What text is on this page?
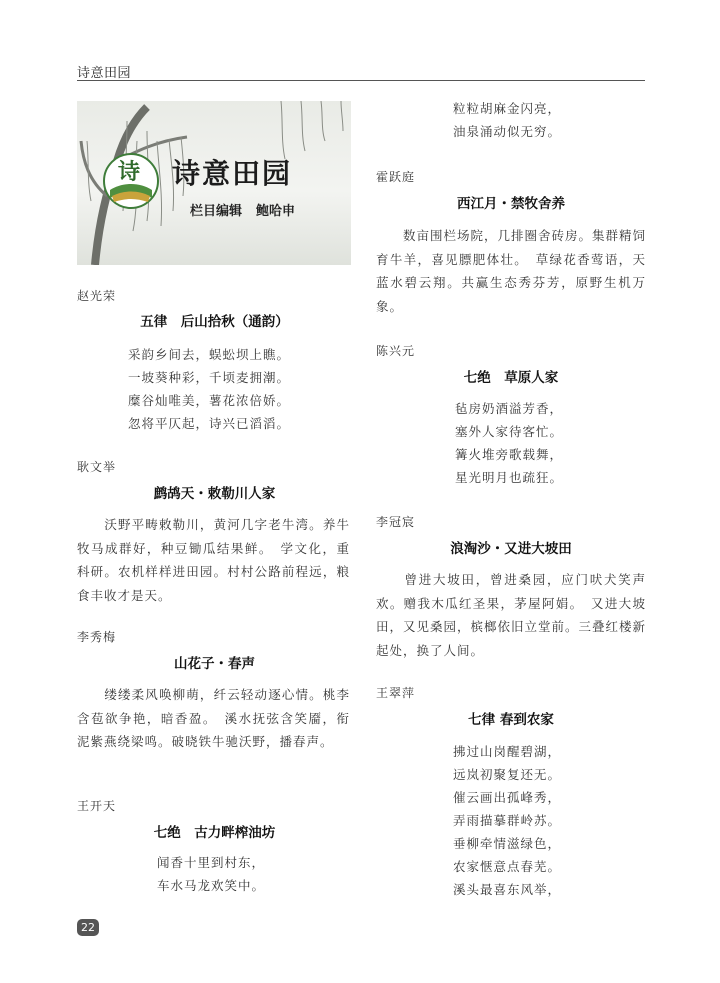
诗意田园
诗 诗意田园
栏目编辑 鲍哈申
赵光荣
五律　后山拾秋（通韵）
采韵乡间去，蜈蚣坝上瞧。
一坡葵种彩，千顷麦拥潮。
糜谷灿唯美，薯花浓倍娇。
忽将平仄起，诗兴已滔滔。
耿文举
鹧鸪天・敕勒川人家
　　沃野平畴敕勒川，黄河几字老牛湾。养牛牧马成群好，种豆锄瓜结果鲜。　学文化，重科研。农机样样进田园。村村公路前程远，粮食丰收才是天。
李秀梅
山花子・春声
　　缕缕柔风唤柳萌，纤云轻动逐心情。桃李含苞欲争艳，暗香盈。　溪水抚弦含笑靥，衔泥紫燕绕梁鸣。破晓铁牛驰沃野，播春声。
王开天
七绝　古力畔榨油坊
闻香十里到村东，
车水马龙欢笑中。
粒粒胡麻金闪亮，
油泉涌动似无穷。
霍跃庭
西江月・禁牧舍养
　　数亩围栏场院，几排圈舍砖房。集群精饲育牛羊，喜见膘肥体壮。　草绿花香莺语，天蓝水碧云翔。共赢生态秀芬芳，原野生机万象。
陈兴元
七绝　草原人家
毡房奶酒溢芳香，
塞外人家待客忙。
篝火堆旁歌载舞，
星光明月也疏狂。
李冠宸
浪淘沙・又进大坡田
　　曾进大坡田，曾进桑园，应门吠犬笑声欢。赠我木瓜红圣果，茅屋阿娟。　又进大坡田，又见桑园，槟榔依旧立堂前。三叠红楼新起处，换了人间。
王翠萍
七律 春到农家
拂过山岗醒碧湖，
远岚初聚复还无。
催云画出孤峰秀，
弄雨描摹群岭苏。
垂柳牵情滋绿色，
农家惬意点春芜。
溪头最喜东风举，
22
